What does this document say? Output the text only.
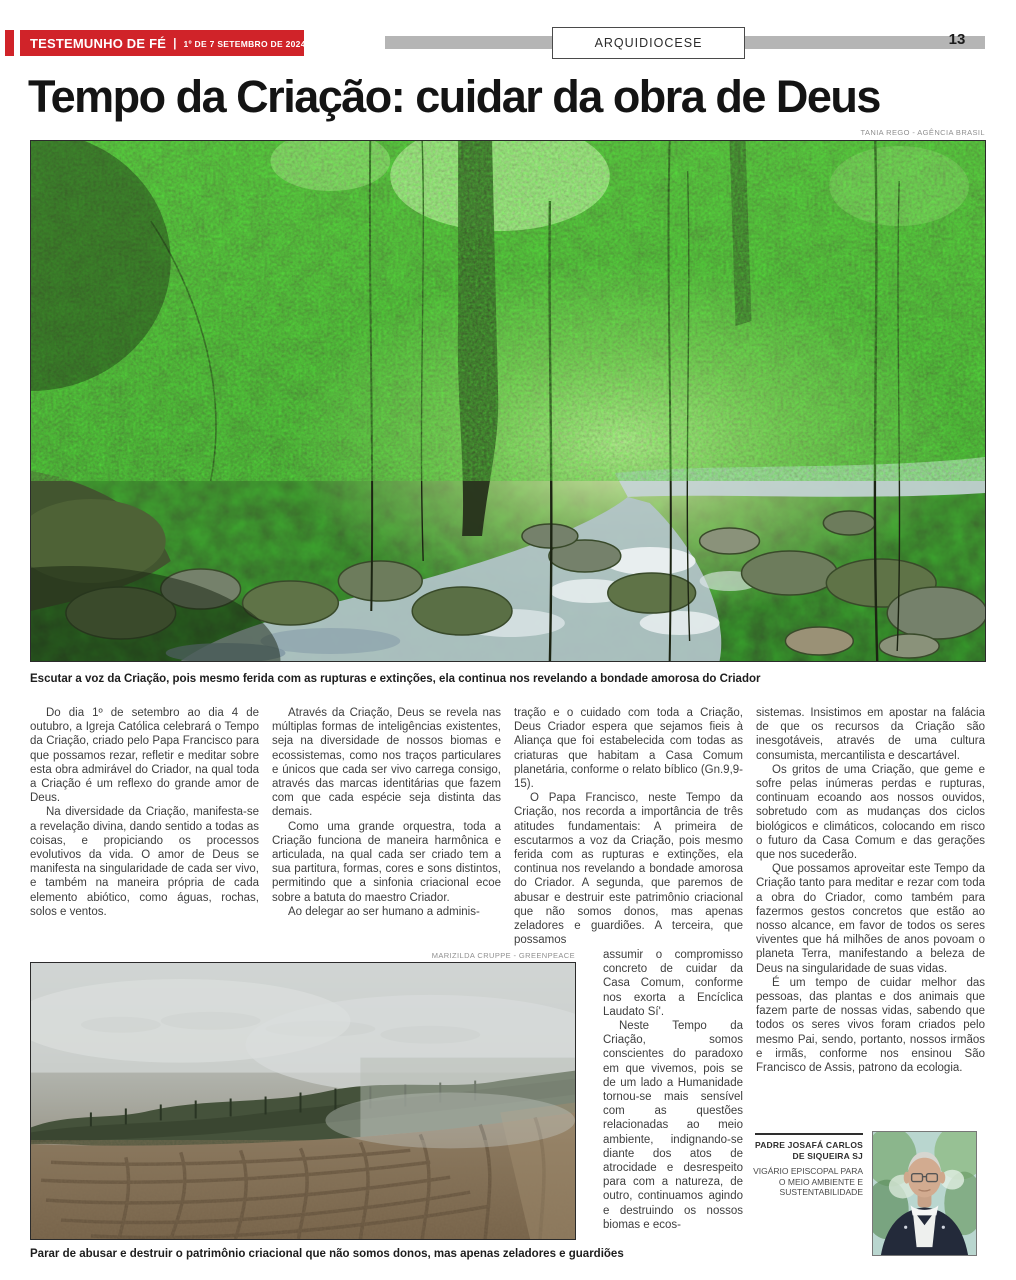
TESTEMUNHO DE FÉ | 1º DE 7 SETEMBRO DE 2024	ARQUIDIOCESE	13
Tempo da Criação: cuidar da obra de Deus
TANIA REGO - AGÊNCIA BRASIL
Escutar a voz da Criação, pois mesmo ferida com as rupturas e extinções, ela continua nos revelando a bondade amorosa do Criador

Do dia 1º de setembro ao dia 4 de outubro, a Igreja Católica celebrará o Tempo da Criação, criado pelo Papa Francisco para que possamos rezar, refletir e meditar sobre esta obra admirável do Criador, na qual toda a Criação é um reflexo do grande amor de Deus.

Na diversidade da Criação, manifesta-se a revelação divina, dando sentido a todas as coisas, e propiciando os processos evolutivos da vida. O amor de Deus se manifesta na singularidade de cada ser vivo, e também na maneira própria de cada elemento abiótico, como águas, rochas, solos e ventos.

Através da Criação, Deus se revela nas múltiplas formas de inteligências existentes, seja na diversidade de nossos biomas e ecossistemas, como nos traços particulares e únicos que cada ser vivo carrega consigo, através das marcas identitárias que fazem com que cada espécie seja distinta das demais.

Como uma grande orquestra, toda a Criação funciona de maneira harmônica e articulada, na qual cada ser criado tem a sua partitura, formas, cores e sons distintos, permitindo que a sinfonia criacional ecoe sobre a batuta do maestro Criador.

Ao delegar ao ser humano a adminis-

tração e o cuidado com toda a Criação, Deus Criador espera que sejamos fieis à Aliança que foi estabelecida com todas as criaturas que habitam a Casa Comum planetária, conforme o relato bíblico (Gn.9,9-15).

O Papa Francisco, neste Tempo da Criação, nos recorda a importância de três atitudes fundamentais: A primeira de escutarmos a voz da Criação, pois mesmo ferida com as rupturas e extinções, ela continua nos revelando a bondade amorosa do Criador. A segunda, que paremos de abusar e destruir este patrimônio criacional que não somos donos, mas apenas zeladores e guardiões. A terceira, que possamos

assumir o compromisso concreto de cuidar da Casa Comum, conforme nos exorta a Encíclica Laudato Sí'.

Neste Tempo da Criação, somos conscientes do paradoxo em que vivemos, pois se de um lado a Humanidade tornou-se mais sensível com as questões relacionadas ao meio ambiente, indignando-se diante dos atos de atrocidade e desrespeito para com a natureza, de outro, continuamos agindo e destruindo os nossos biomas e ecos-

sistemas. Insistimos em apostar na falácia de que os recursos da Criação são inesgotáveis, através de uma cultura consumista, mercantilista e descartável.

Os gritos de uma Criação, que geme e sofre pelas inúmeras perdas e rupturas, continuam ecoando aos nossos ouvidos, sobretudo com as mudanças dos ciclos biológicos e climáticos, colocando em risco o futuro da Casa Comum e das gerações que nos sucederão.

Que possamos aproveitar este Tempo da Criação tanto para meditar e rezar com toda a obra do Criador, como também para fazermos gestos concretos que estão ao nosso alcance, em favor de todos os seres viventes que há milhões de anos povoam o planeta Terra, manifestando a beleza de Deus na singularidade de suas vidas.

É um tempo de cuidar melhor das pessoas, das plantas e dos animais que fazem parte de nossas vidas, sabendo que todos os seres vivos foram criados pelo mesmo Pai, sendo, portanto, nossos irmãos e irmãs, conforme nos ensinou São Francisco de Assis, patrono da ecologia.

MARIZILDA CRUPPE - GREENPEACE
Parar de abusar e destruir o patrimônio criacional que não somos donos, mas apenas zeladores e guardiões
PADRE JOSAFÁ CARLOS DE SIQUEIRA SJ
VIGÁRIO EPISCOPAL PARA O MEIO AMBIENTE E SUSTENTABILIDADE
